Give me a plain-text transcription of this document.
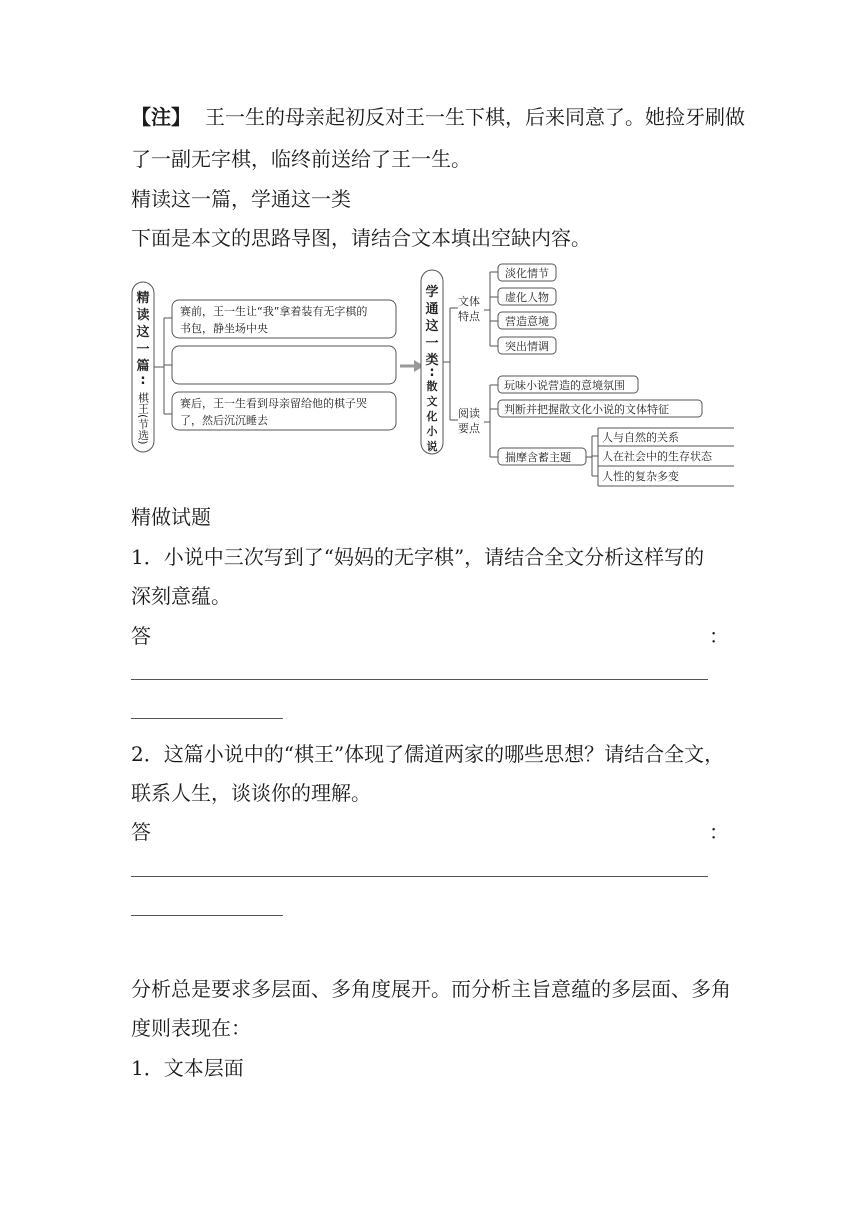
【注】 王一生的母亲起初反对王一生下棋，后来同意了。她捡牙刷做
了一副无字棋，临终前送给了王一生。
精读这一篇，学通这一类
下面是本文的思路导图，请结合文本填出空缺内容。
精
读
这
一
篇
:
棋王(节选)
赛前，王一生让“我”拿着装有无字棋的
书包，静坐场中央
赛后，王一生看到母亲留给他的棋子哭
了，然后沉沉睡去
学
通
这
一
类
:
散
文
化
小
说
文体
特点
淡化情节
虚化人物
营造意境
突出情调
阅读
要点
玩味小说营造的意境氛围
判断并把握散文化小说的文体特征
揣摩含蓄主题
人与自然的关系
人在社会中的生存状态
人性的复杂多变
精做试题
1．小说中三次写到了“妈妈的无字棋”，请结合全文分析这样写的
深刻意蕴。
答	：
2．这篇小说中的“棋王”体现了儒道两家的哪些思想？请结合全文，
联系人生，谈谈你的理解。
答	：
分析总是要求多层面、多角度展开。而分析主旨意蕴的多层面、多角
度则表现在：
1．文本层面
